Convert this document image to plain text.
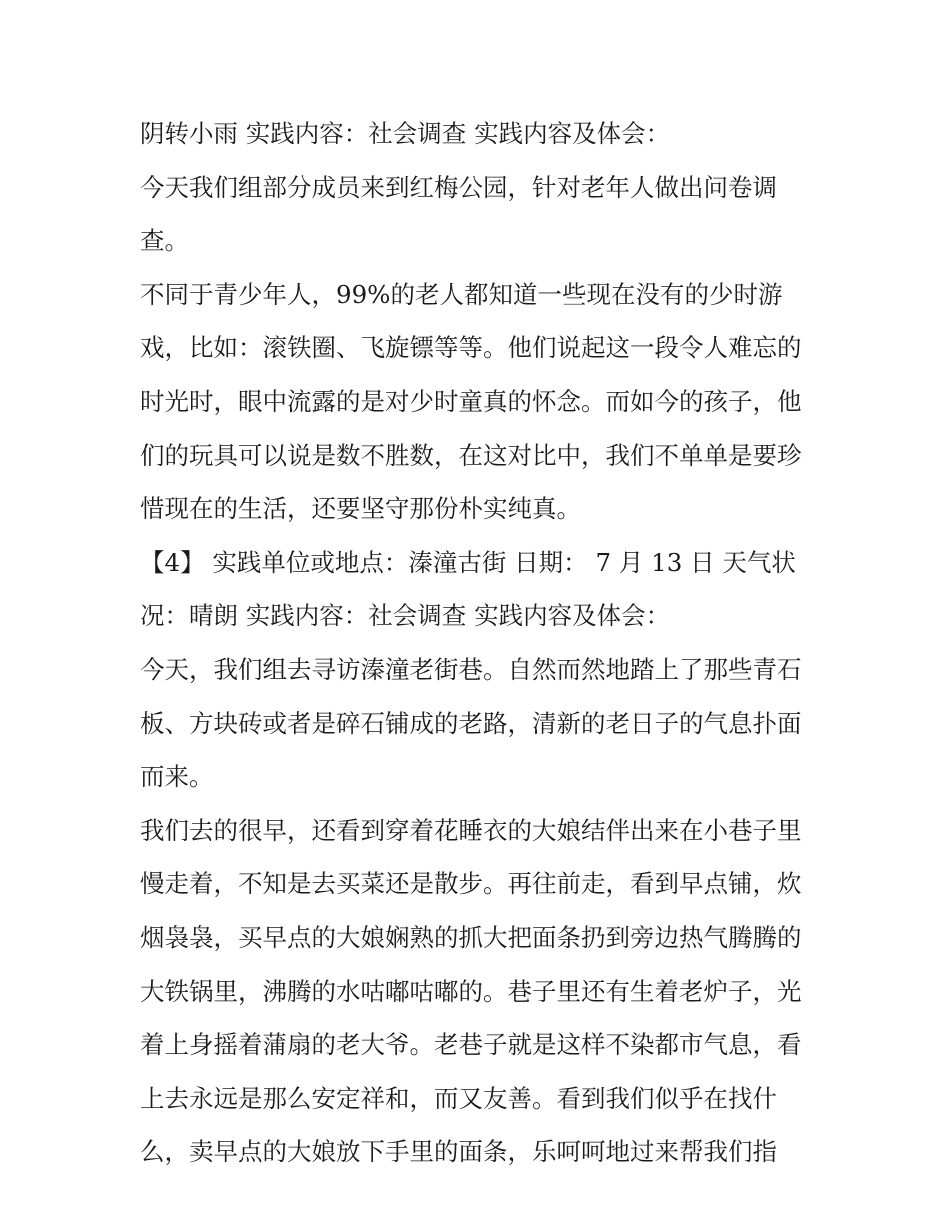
阴转小雨 实践内容：社会调查 实践内容及体会：
今天我们组部分成员来到红梅公园，针对老年人做出问卷调
查。
不同于青少年人，99%的老人都知道一些现在没有的少时游
戏，比如：滚铁圈、飞旋镖等等。他们说起这一段令人难忘的
时光时，眼中流露的是对少时童真的怀念。而如今的孩子，他
们的玩具可以说是数不胜数，在这对比中，我们不单单是要珍
惜现在的生活，还要坚守那份朴实纯真。
【4】 实践单位或地点：溱潼古街 日期： 7 月 13 日 天气状
况：晴朗 实践内容：社会调查 实践内容及体会：
今天，我们组去寻访溱潼老街巷。自然而然地踏上了那些青石
板、方块砖或者是碎石铺成的老路，清新的老日子的气息扑面
而来。
我们去的很早，还看到穿着花睡衣的大娘结伴出来在小巷子里
慢走着，不知是去买菜还是散步。再往前走，看到早点铺，炊
烟袅袅，买早点的大娘娴熟的抓大把面条扔到旁边热气腾腾的
大铁锅里，沸腾的水咕嘟咕嘟的。巷子里还有生着老炉子，光
着上身摇着蒲扇的老大爷。老巷子就是这样不染都市气息，看
上去永远是那么安定祥和，而又友善。看到我们似乎在找什
么，卖早点的大娘放下手里的面条，乐呵呵地过来帮我们指
